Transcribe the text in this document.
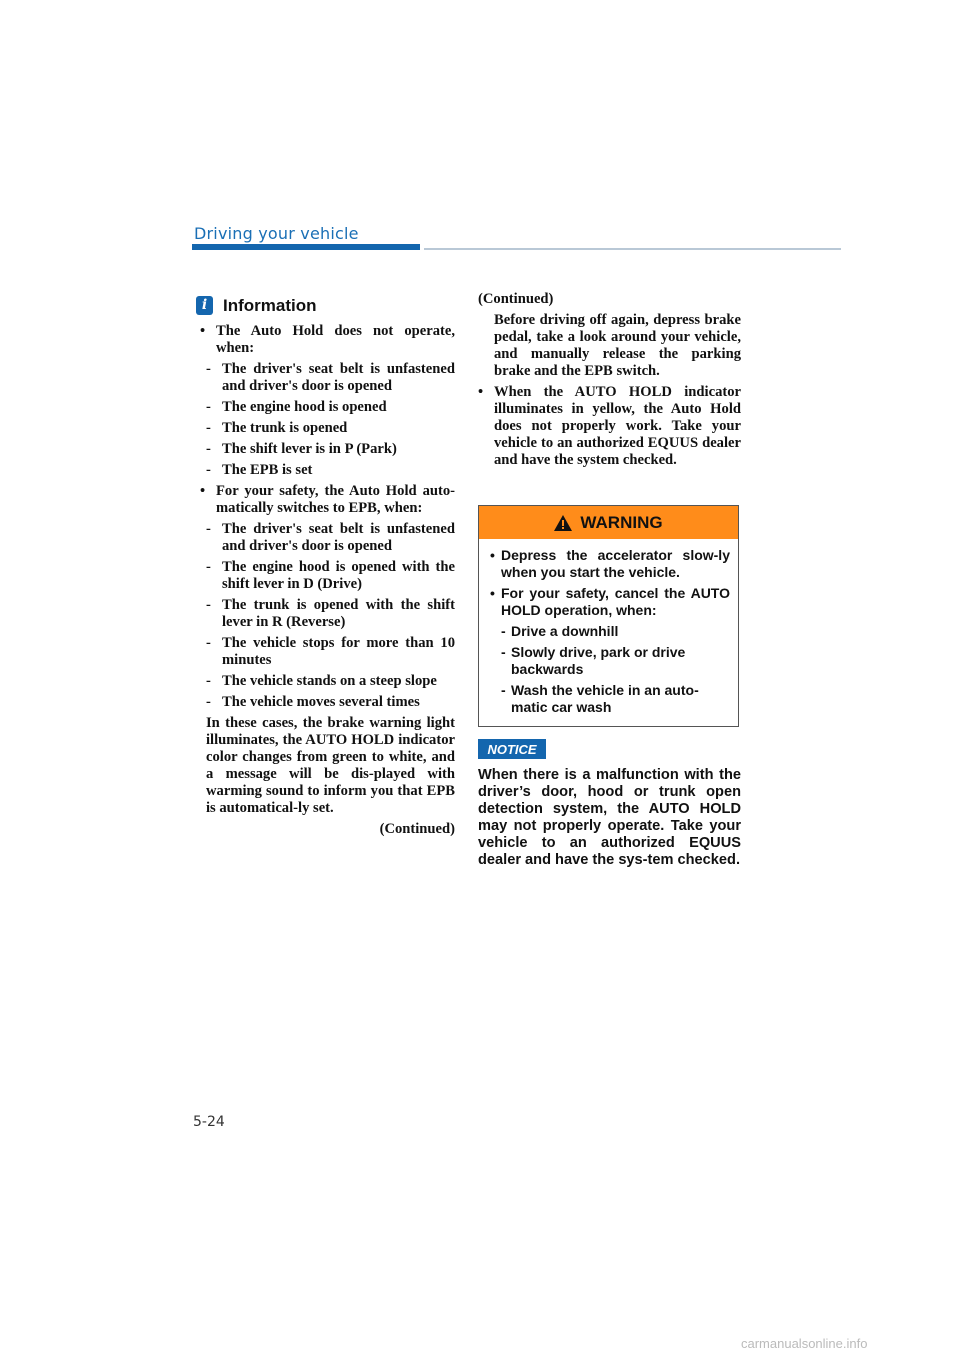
Driving your vehicle
i Information
• The Auto Hold does not operate, when:
- The driver's seat belt is unfastened and driver's door is opened
- The engine hood is opened
- The trunk is opened
- The shift lever is in P (Park)
- The EPB is set
• For your safety, the Auto Hold auto-matically switches to EPB, when:
- The driver's seat belt is unfastened and driver's door is opened
- The engine hood is opened with the shift lever in D (Drive)
- The trunk is opened with the shift lever in R (Reverse)
- The vehicle stops for more than 10 minutes
- The vehicle stands on a steep slope
- The vehicle moves several times
In these cases, the brake warning light illuminates, the AUTO HOLD indicator color changes from green to white, and a message will be dis-played with warming sound to inform you that EPB is automatical-ly set.
(Continued)
(Continued)
Before driving off again, depress brake pedal, take a look around your vehicle, and manually release the parking brake and the EPB switch.
• When the AUTO HOLD indicator illuminates in yellow, the Auto Hold does not properly work. Take your vehicle to an authorized EQUUS dealer and have the system checked.
WARNING
• Depress the accelerator slow-ly when you start the vehicle.
• For your safety, cancel the AUTO HOLD operation, when:
- Drive a downhill
- Slowly drive, park or drive backwards
- Wash the vehicle in an auto-matic car wash
NOTICE
When there is a malfunction with the driver’s door, hood or trunk open detection system, the AUTO HOLD may not properly operate. Take your vehicle to an authorized EQUUS dealer and have the sys-tem checked.
5-24
carmanualsonline.info
